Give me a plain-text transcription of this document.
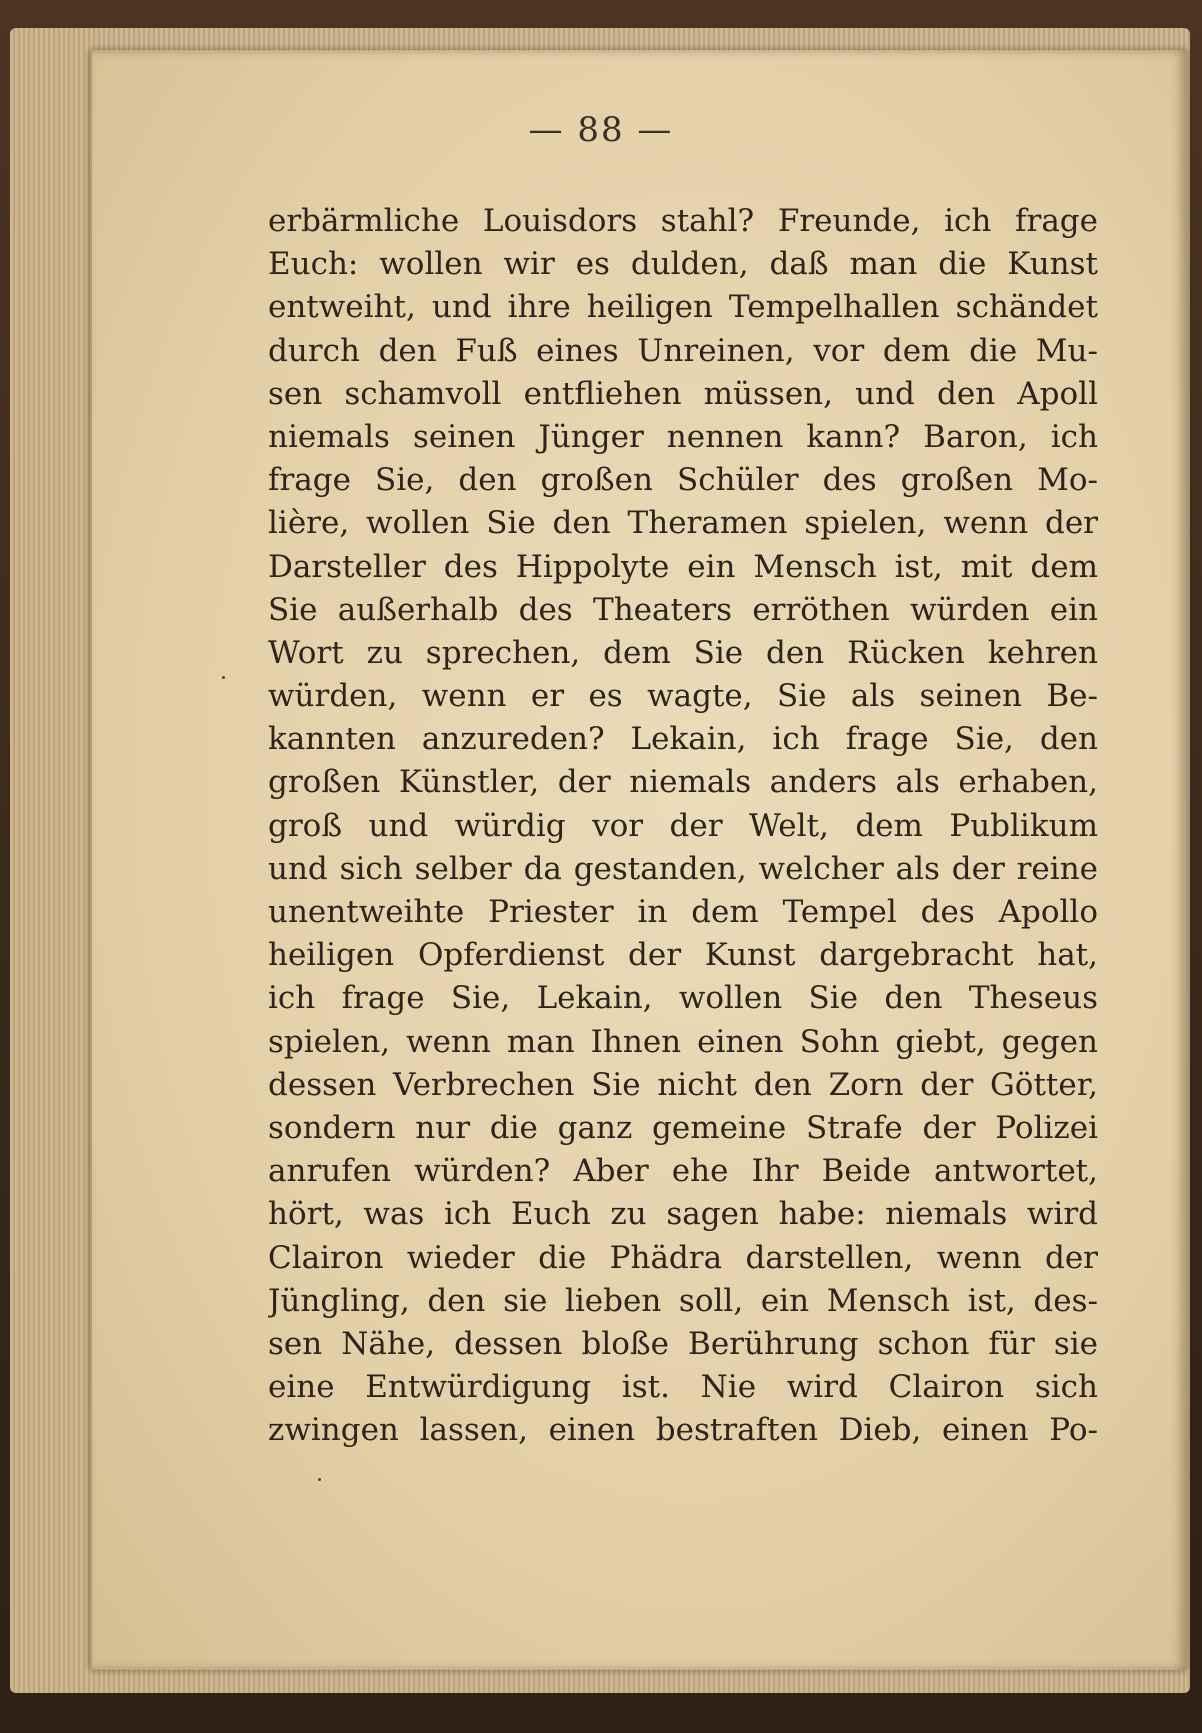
— 88 —
erbärmliche Louisdors stahl? Freunde, ich frage
Euch: wollen wir es dulden, daß man die Kunst
entweiht, und ihre heiligen Tempelhallen schändet
durch den Fuß eines Unreinen, vor dem die Mu-
sen schamvoll entfliehen müssen, und den Apoll
niemals seinen Jünger nennen kann? Baron, ich
frage Sie, den großen Schüler des großen Mo-
lière, wollen Sie den Theramen spielen, wenn der
Darsteller des Hippolyte ein Mensch ist, mit dem
Sie außerhalb des Theaters erröthen würden ein
Wort zu sprechen, dem Sie den Rücken kehren
würden, wenn er es wagte, Sie als seinen Be-
kannten anzureden? Lekain, ich frage Sie, den
großen Künstler, der niemals anders als erhaben,
groß und würdig vor der Welt, dem Publikum
und sich selber da gestanden, welcher als der reine
unentweihte Priester in dem Tempel des Apollo
heiligen Opferdienst der Kunst dargebracht hat,
ich frage Sie, Lekain, wollen Sie den Theseus
spielen, wenn man Ihnen einen Sohn giebt, gegen
dessen Verbrechen Sie nicht den Zorn der Götter,
sondern nur die ganz gemeine Strafe der Polizei
anrufen würden? Aber ehe Ihr Beide antwortet,
hört, was ich Euch zu sagen habe: niemals wird
Clairon wieder die Phädra darstellen, wenn der
Jüngling, den sie lieben soll, ein Mensch ist, des-
sen Nähe, dessen bloße Berührung schon für sie
eine Entwürdigung ist. Nie wird Clairon sich
zwingen lassen, einen bestraften Dieb, einen Po-
